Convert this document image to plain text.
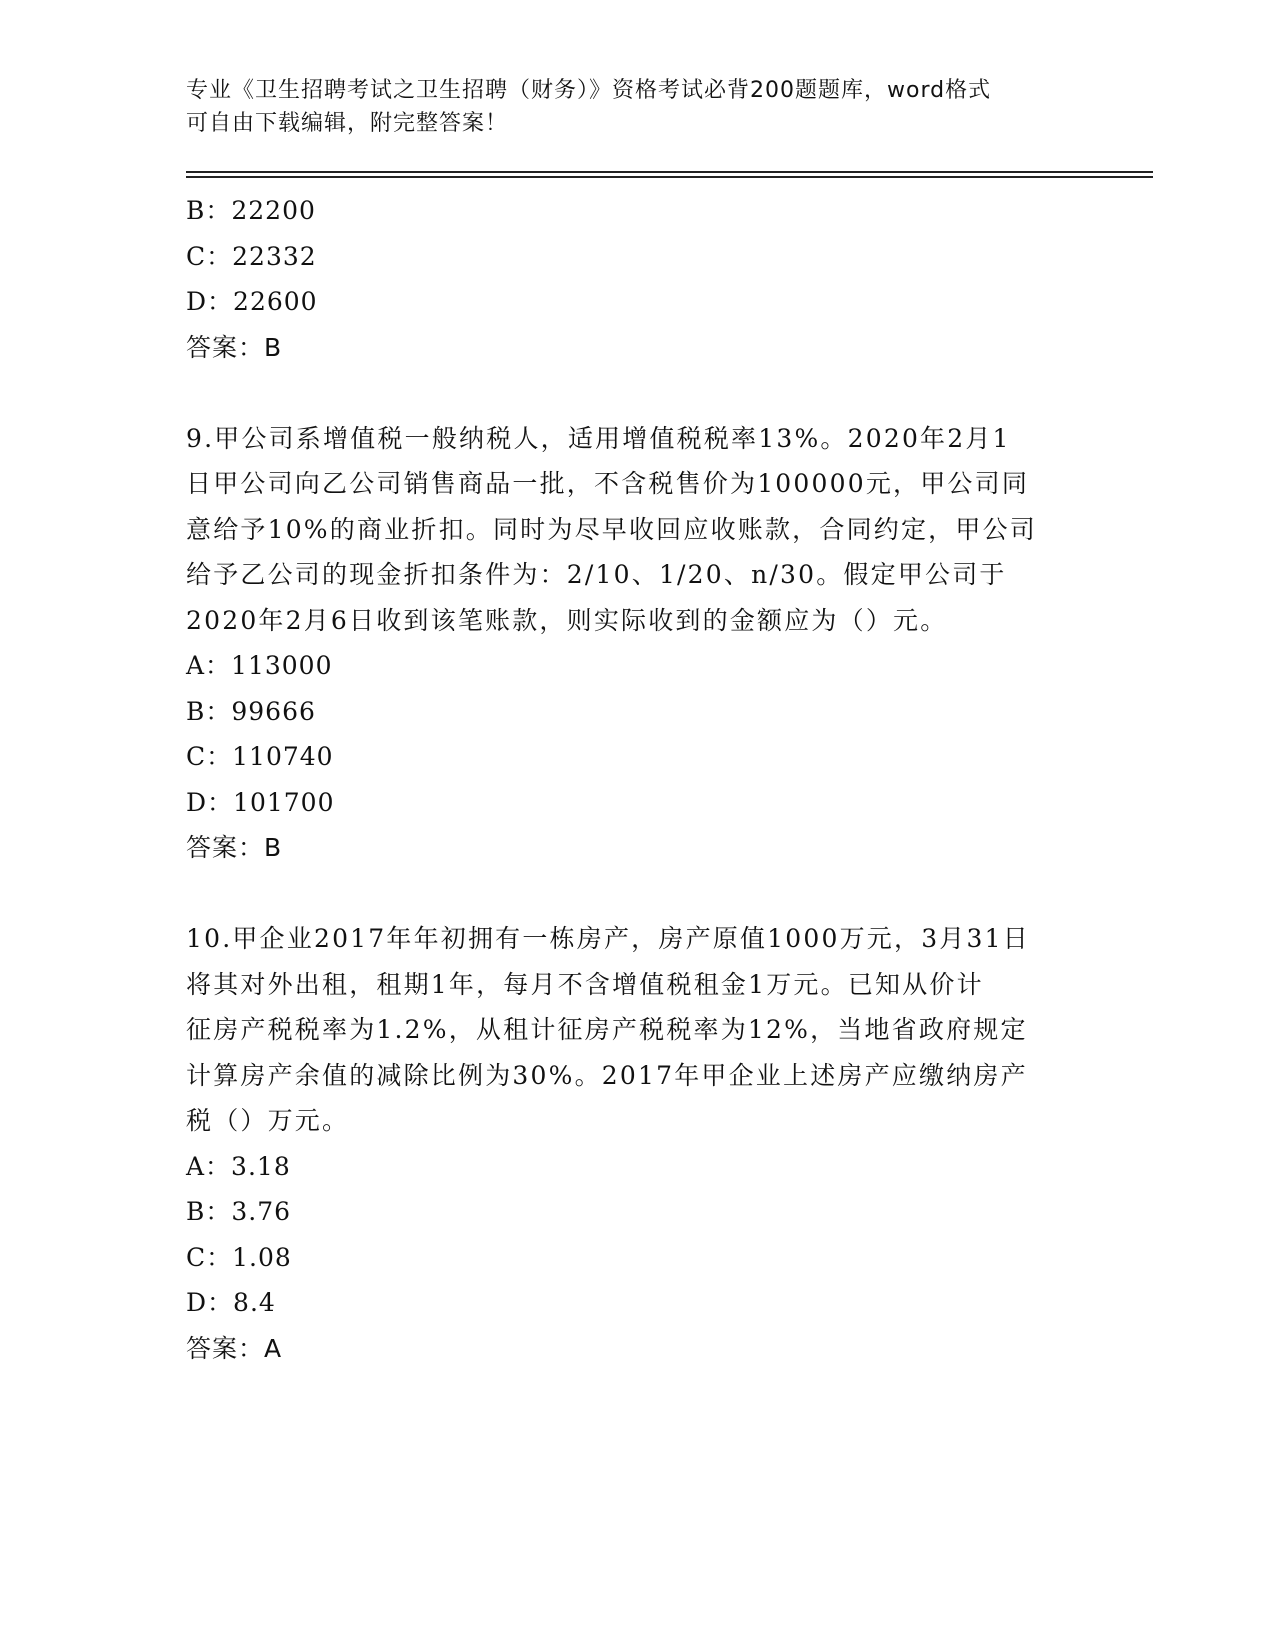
专业《卫生招聘考试之卫生招聘（财务）》资格考试必背200题题库，word格式
可自由下载编辑，附完整答案！
B：22200
C：22332
D：22600
答案：B
9.甲公司系增值税一般纳税人，适用增值税税率13%。2020年2月1
日甲公司向乙公司销售商品一批，不含税售价为100000元，甲公司同
意给予10%的商业折扣。同时为尽早收回应收账款，合同约定，甲公司
给予乙公司的现金折扣条件为：2/10、1/20、n/30。假定甲公司于
2020年2月6日收到该笔账款，则实际收到的金额应为（）元。
A：113000
B：99666
C：110740
D：101700
答案：B
10.甲企业2017年年初拥有一栋房产，房产原值1000万元，3月31日
将其对外出租，租期1年，每月不含增值税租金1万元。已知从价计
征房产税税率为1.2%，从租计征房产税税率为12%，当地省政府规定
计算房产余值的减除比例为30%。2017年甲企业上述房产应缴纳房产
税（）万元。
A：3.18
B：3.76
C：1.08
D：8.4
答案：A
